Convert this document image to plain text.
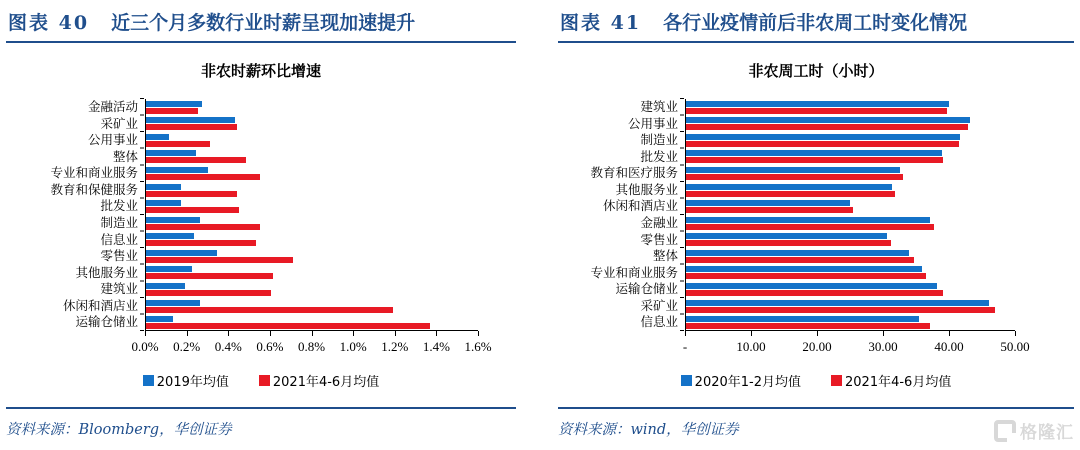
图表 40 近三个月多数行业时薪呈现加速提升
非农时薪环比增速
金融活动
采矿业
公用事业
整体
专业和商业服务
教育和保健服务
批发业
制造业
信息业
零售业
其他服务业
建筑业
休闲和酒店业
运输仓储业
0.0% 0.2% 0.4% 0.6% 0.8% 1.0% 1.2% 1.4% 1.6%
2019年均值	2021年4-6月均值
资料来源：Bloomberg，华创证券
图表 41 各行业疫情前后非农周工时变化情况
非农周工时（小时）
建筑业
公用事业
制造业
批发业
教育和医疗服务
其他服务业
休闲和酒店业
金融业
零售业
整体
专业和商业服务
运输仓储业
采矿业
信息业
-	10.00	20.00	30.00	40.00	50.00
2020年1-2月均值	2021年4-6月均值
资料来源：wind，华创证券	格隆汇
